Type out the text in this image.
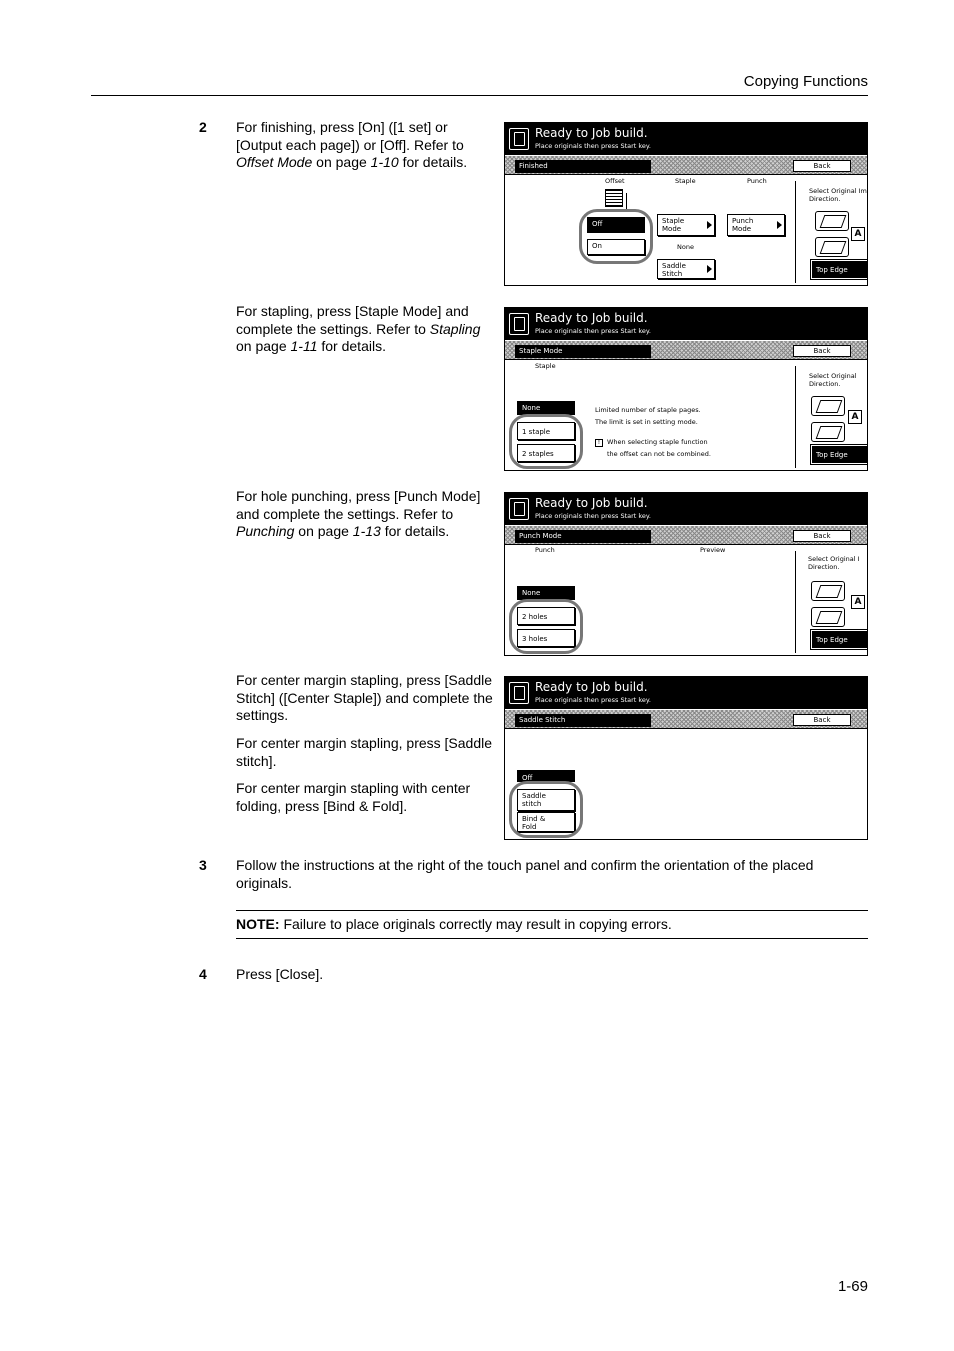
Copying Functions
2 For finishing, press [On] ([1 set] or [Output each page]) or [Off]. Refer to Offset Mode on page 1-10 for details.
For stapling, press [Staple Mode] and complete the settings. Refer to Stapling on page 1-11 for details.
For hole punching, press [Punch Mode] and complete the settings. Refer to Punching on page 1-13 for details.
For center margin stapling, press [Saddle Stitch] ([Center Staple]) and complete the settings.
For center margin stapling, press [Saddle stitch].
For center margin stapling with center folding, press [Bind & Fold].
Ready to Job build.
Place originals then press Start key.
Finished	Back
Offset	Staple	Punch
Off
On
Staple
Mode
Punch
Mode
None
Saddle
Stitch
Select Original Im
Direction.
A
Top Edge
Ready to Job build.
Place originals then press Start key.
Staple Mode	Back
Staple
None
1 staple
2 staples
Limited number of staple pages.
The limit is set in setting mode.
! When selecting staple function
the offset can not be combined.
Select Original
Direction.
A
Top Edge
Ready to Job build.
Place originals then press Start key.
Punch Mode	Back
Punch	Preview
None
2 holes
3 holes
Select Original I
Direction.
A
Top Edge
Ready to Job build.
Place originals then press Start key.
Saddle Stitch	Back
Off
Saddle
stitch
Bind &
Fold
3 Follow the instructions at the right of the touch panel and confirm the orientation of the placed originals.
NOTE: Failure to place originals correctly may result in copying errors.
4 Press [Close].
1-69
